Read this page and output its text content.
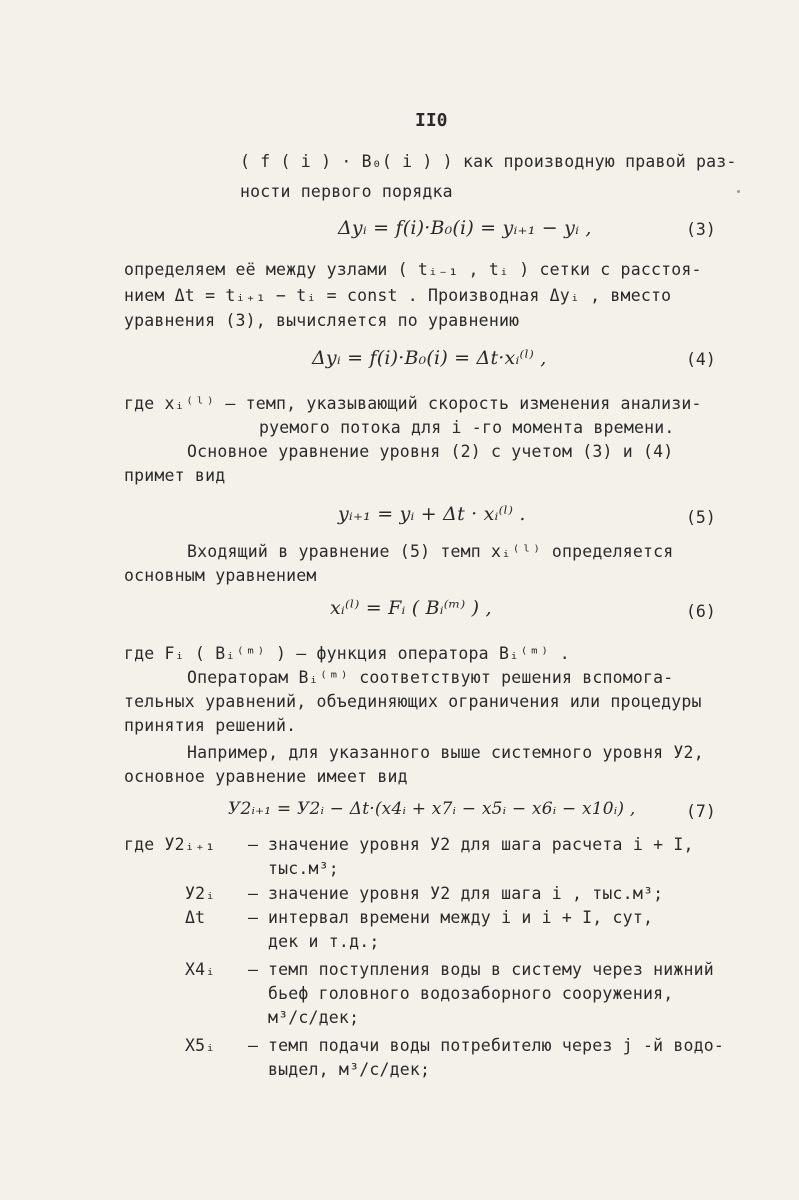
II0
( f ( i ) · B₀( i ) ) как производную правой раз-
ности первого порядка
Δyᵢ = f(i)·B₀(i) = yᵢ₊₁ − yᵢ ,	(3)
определяем её между узлами ( tᵢ₋₁ , tᵢ ) сетки с расстоя-
нием Δt = tᵢ₊₁ − tᵢ = const . Производная Δyᵢ , вместо
уравнения (3), вычисляется по уравнению
Δyᵢ = f(i)·B₀(i) = Δt·xᵢ⁽ˡ⁾ ,	(4)
где xᵢ⁽ˡ⁾ – темп, указывающий скорость изменения анализи-
руемого потока для i -го момента времени.
Основное уравнение уровня (2) с учетом (3) и (4)
примет вид
yᵢ₊₁ = yᵢ + Δt · xᵢ⁽ˡ⁾ .	(5)
Входящий в уравнение (5) темп xᵢ⁽ˡ⁾ определяется
основным уравнением
xᵢ⁽ˡ⁾ = Fᵢ ( Bᵢ⁽ᵐ⁾ ) ,	(6)
где Fᵢ ( Bᵢ⁽ᵐ⁾ ) – функция оператора Bᵢ⁽ᵐ⁾ .
Операторам Bᵢ⁽ᵐ⁾ соответствуют решения вспомога-
тельных уравнений, объединяющих ограничения или процедуры
принятия решений.
Например, для указанного выше системного уровня У2,
основное уравнение имеет вид
У2ᵢ₊₁ = У2ᵢ − Δt·(x4ᵢ + x7ᵢ − x5ᵢ − x6ᵢ − x10ᵢ) ,	(7)
где У2ᵢ₊₁ – значение уровня У2 для шага расчета i + I,
тыс.м³;
У2ᵢ – значение уровня У2 для шага i , тыс.м³;
Δt	– интервал времени между i и i + I, сут,
дек и т.д.;
X4ᵢ – темп поступления воды в систему через нижний
бьеф головного водозаборного сооружения,
м³/с/дек;
X5ᵢ – темп подачи воды потребителю через j -й водо-
выдел, м³/с/дек;
